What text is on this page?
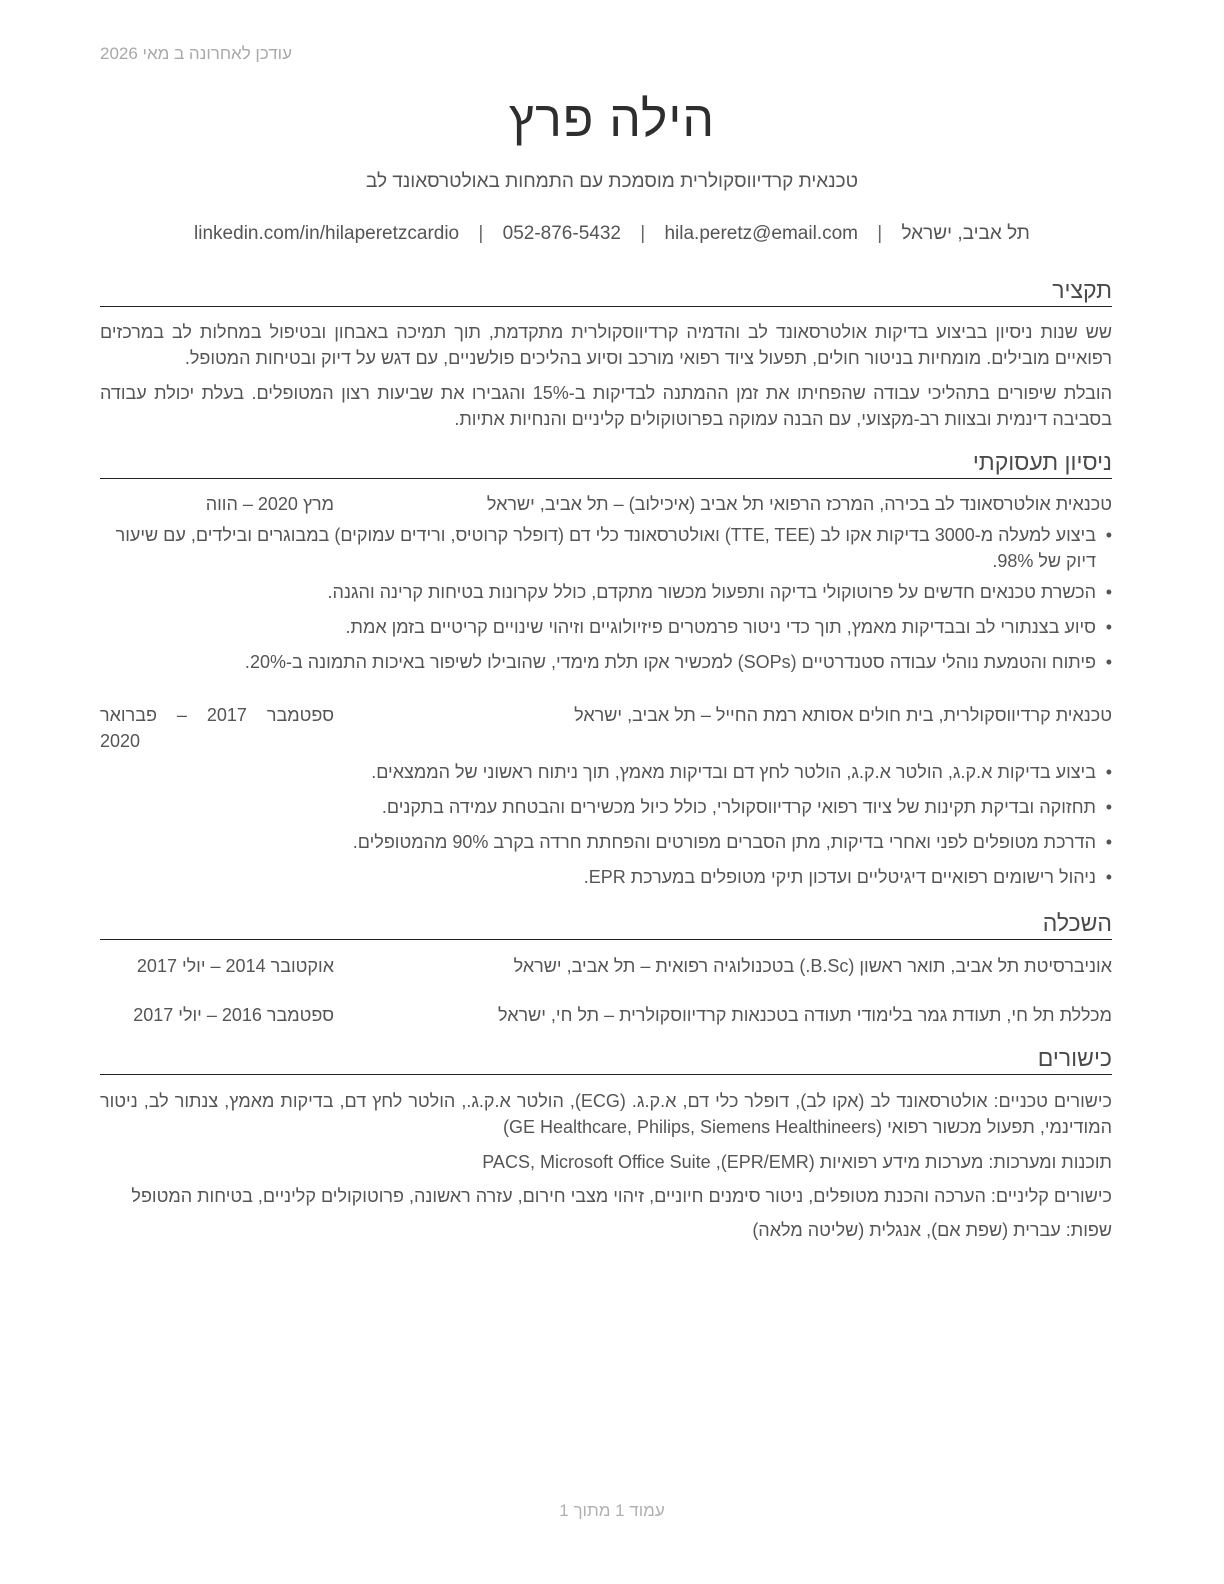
עודכן לאחרונה ב מאי 2026
הילה פרץ
טכנאית קרדיווסקולרית מוסמכת עם התמחות באולטרסאונד לב
תל אביב, ישראל | hila.peretz@email.com | 052-876-5432 | linkedin.com/in/hilaperetzcardio
תקציר
שש שנות ניסיון בביצוע בדיקות אולטרסאונד לב והדמיה קרדיווסקולרית מתקדמת, תוך תמיכה באבחון ובטיפול במחלות לב במרכזים רפואיים מובילים. מומחיות בניטור חולים, תפעול ציוד רפואי מורכב וסיוע בהליכים פולשניים, עם דגש על דיוק ובטיחות המטופל.
הובלת שיפורים בתהליכי עבודה שהפחיתו את זמן ההמתנה לבדיקות ב-15% והגבירו את שביעות רצון המטופלים. בעלת יכולת עבודה בסביבה דינמית ובצוות רב-מקצועי, עם הבנה עמוקה בפרוטוקולים קליניים והנחיות אתיות.
ניסיון תעסוקתי
טכנאית אולטרסאונד לב בכירה, המרכז הרפואי תל אביב (איכילוב) – תל אביב, ישראל
מרץ 2020 – הווה
• ביצוע למעלה מ-3000 בדיקות אקו לב (TTE, TEE) ואולטרסאונד כלי דם (דופלר קרוטיס, ורידים עמוקים) במבוגרים ובילדים, עם שיעור דיוק של 98%.
• הכשרת טכנאים חדשים על פרוטוקולי בדיקה ותפעול מכשור מתקדם, כולל עקרונות בטיחות קרינה והגנה.
• סיוע בצנתורי לב ובבדיקות מאמץ, תוך כדי ניטור פרמטרים פיזיולוגיים וזיהוי שינויים קריטיים בזמן אמת.
• פיתוח והטמעת נוהלי עבודה סטנדרטיים (SOPs) למכשיר אקו תלת מימדי, שהובילו לשיפור באיכות התמונה ב-20%.
טכנאית קרדיווסקולרית, בית חולים אסותא רמת החייל – תל אביב, ישראל
ספטמבר 2017 – פברואר 2020
• ביצוע בדיקות א.ק.ג, הולטר א.ק.ג, הולטר לחץ דם ובדיקות מאמץ, תוך ניתוח ראשוני של הממצאים.
• תחזוקה ובדיקת תקינות של ציוד רפואי קרדיווסקולרי, כולל כיול מכשירים והבטחת עמידה בתקנים.
• הדרכת מטופלים לפני ואחרי בדיקות, מתן הסברים מפורטים והפחתת חרדה בקרב 90% מהמטופלים.
• ניהול רישומים רפואיים דיגיטליים ועדכון תיקי מטופלים במערכת EPR.
השכלה
אוניברסיטת תל אביב, תואר ראשון (B.Sc.) בטכנולוגיה רפואית – תל אביב, ישראל
אוקטובר 2014 – יולי 2017
מכללת תל חי, תעודת גמר בלימודי תעודה בטכנאות קרדיווסקולרית – תל חי, ישראל
ספטמבר 2016 – יולי 2017
כישורים
כישורים טכניים: אולטרסאונד לב (אקו לב), דופלר כלי דם, א.ק.ג. (ECG), הולטר א.ק.ג., הולטר לחץ דם, בדיקות מאמץ, צנתור לב, ניטור המודינמי, תפעול מכשור רפואי (GE Healthcare, Philips, Siemens Healthineers)
תוכנות ומערכות: מערכות מידע רפואיות (EPR/EMR), PACS, Microsoft Office Suite
כישורים קליניים: הערכה והכנת מטופלים, ניטור סימנים חיוניים, זיהוי מצבי חירום, עזרה ראשונה, פרוטוקולים קליניים, בטיחות המטופל
שפות: עברית (שפת אם), אנגלית (שליטה מלאה)
עמוד 1 מתוך 1
